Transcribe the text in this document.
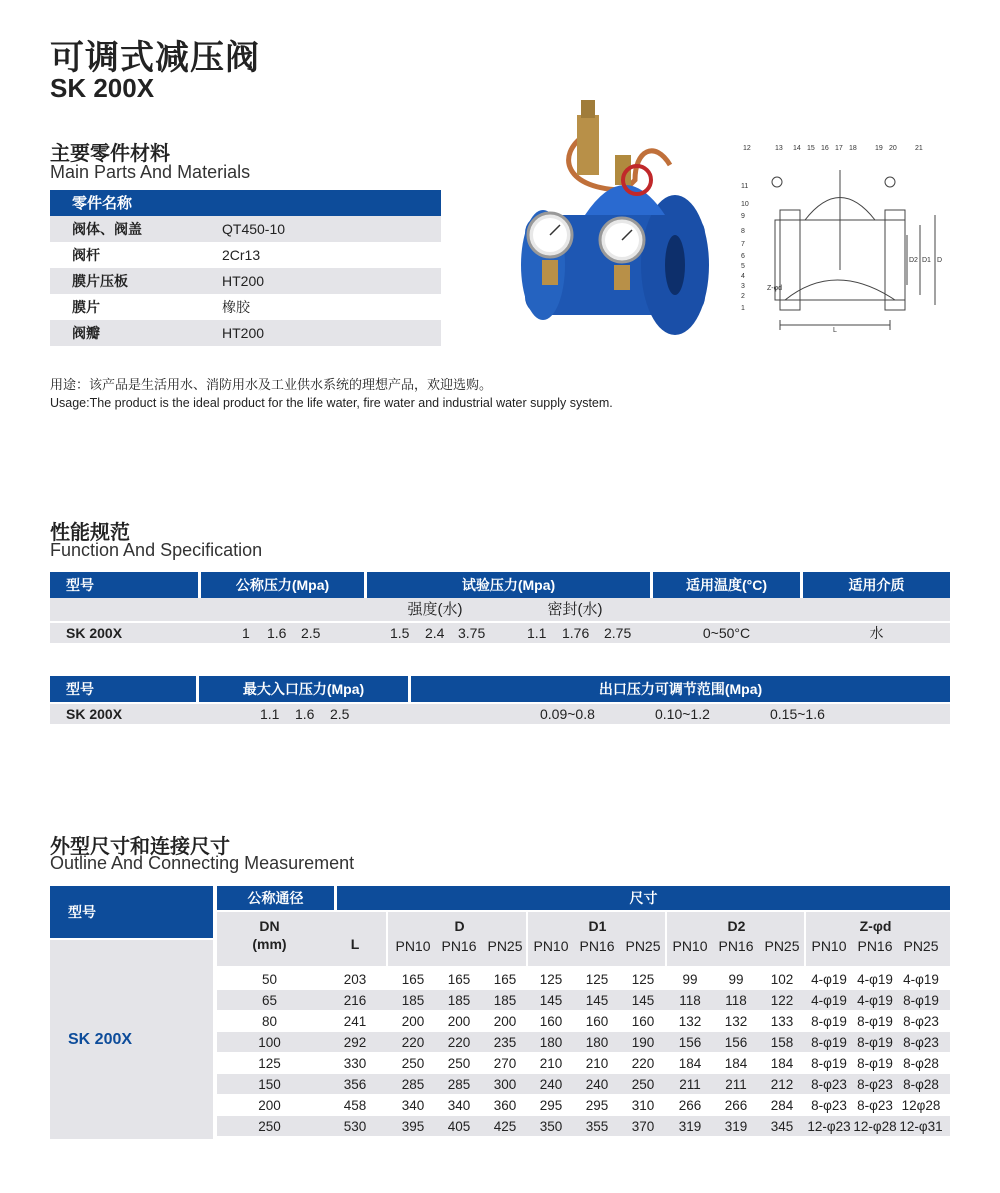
可调式减压阀
SK 200X
主要零件材料
Main Parts And Materials
零件名称
阀体、阀盖	QT450-10
阀杆	2Cr13
膜片压板	HT200
膜片	橡胶
阀瓣	HT200
12	13 14 15 16 17 18	19 20	21
11
10
9
8
7
6
5
4
3
2
1
L
D
D1
D2
Z-φd
用途：该产品是生活用水、消防用水及工业供水系统的理想产品，欢迎选购。
Usage:The product is the ideal product for the life water, fire water and industrial water supply system.
性能规范
Function And Specification
型号	公称压力(Mpa)	试验压力(Mpa)	适用温度(°C)	适用介质
强度(水)	密封(水)
SK 200X	1 1.6 2.5	1.5 2.4 3.75	1.1 1.76 2.75	0~50°C	水
型号	最大入口压力(Mpa)	出口压力可调节范围(Mpa)
SK 200X	1.1 1.6 2.5	0.09~0.8	0.10~1.2	0.15~1.6
外型尺寸和连接尺寸
Outline And Connecting Measurement
型号
SK 200X
公称通径	尺寸
DN
(mm)	L
D
PN10 PN16 PN25
D1
PN10 PN16 PN25
D2
PN10 PN16 PN25
Z-φd
PN10 PN16 PN25
50	203	165	165	165	125	125	125	99	99	102	4-φ19 4-φ19 4-φ19
65	216	185	185	185	145	145	145	118	118	122	4-φ19 4-φ19 8-φ19
80	241	200	200	200	160	160	160	132	132	133	8-φ19 8-φ19 8-φ23
100	292	220	220	235	180	180	190	156	156	158	8-φ19 8-φ19 8-φ23
125	330	250	250	270	210	210	220	184	184	184	8-φ19 8-φ19 8-φ28
150	356	285	285	300	240	240	250	211	211	212	8-φ23 8-φ23 8-φ28
200	458	340	340	360	295	295	310	266	266	284	8-φ23 8-φ23 12φ28
250	530	395	405	425	350	355	370	319	319	345	12-φ23 12-φ28 12-φ31
